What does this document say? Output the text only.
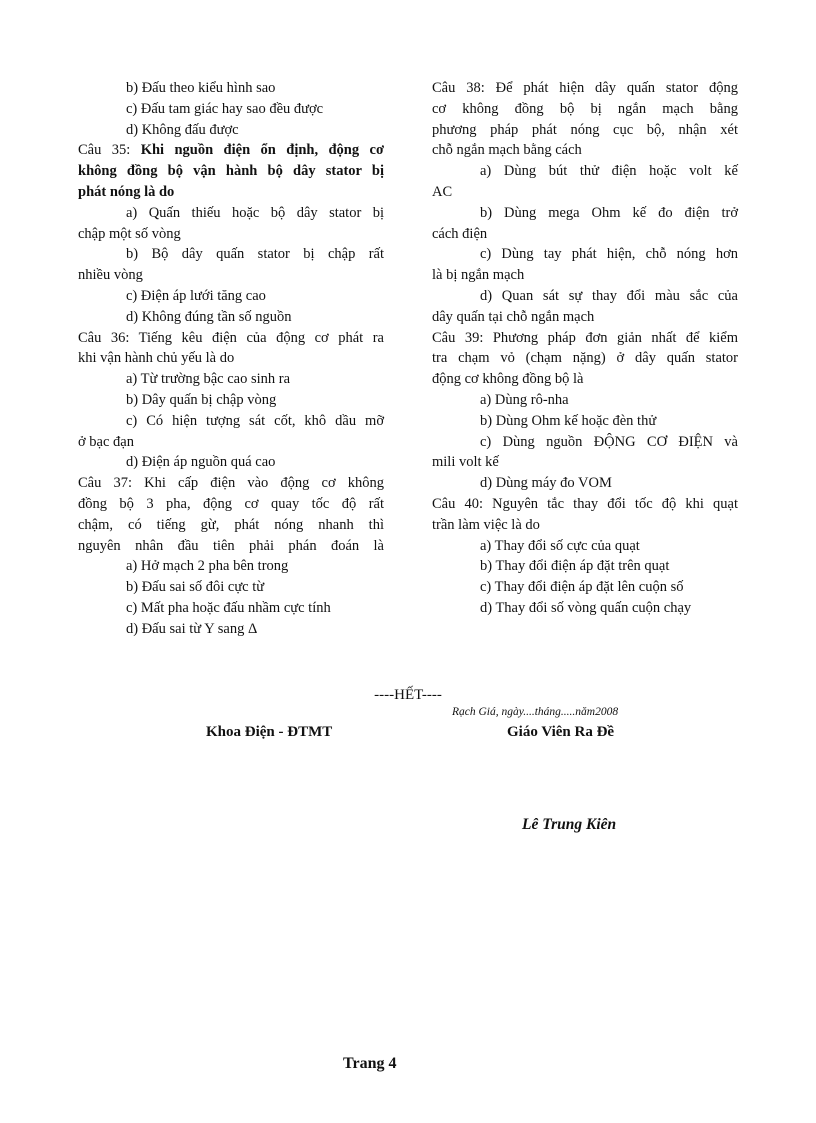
b) Đấu theo kiểu hình sao
c) Đấu tam giác hay sao đều được
d) Không đấu được
Câu 35: Khi nguồn điện ổn định, động cơ
không đồng bộ vận hành bộ dây stator bị
phát nóng là do
a) Quấn thiếu hoặc bộ dây stator bị
chập một số vòng
b) Bộ dây quấn stator bị chập rất
nhiều vòng
c) Điện áp lưới tăng cao
d) Không đúng tần số nguồn
Câu 36: Tiếng kêu điện của động cơ phát ra
khi vận hành chủ yếu là do
a) Từ trường bậc cao sinh ra
b) Dây quấn bị chập vòng
c) Có hiện tượng sát cốt, khô dầu mỡ
ở bạc đạn
d) Điện áp nguồn quá cao
Câu 37: Khi cấp điện vào động cơ không
đồng bộ 3 pha, động cơ quay tốc độ rất
chậm, có tiếng gừ, phát nóng nhanh thì
nguyên nhân đầu tiên phải phán đoán là
a) Hở mạch 2 pha bên trong
b) Đấu sai số đôi cực từ
c) Mất pha hoặc đấu nhầm cực tính
d) Đấu sai từ Y sang Δ
Câu 38: Để phát hiện dây quấn stator động
cơ không đồng bộ bị ngắn mạch bằng
phương pháp phát nóng cục bộ, nhận xét
chỗ ngắn mạch bằng cách
a) Dùng bút thử điện hoặc volt kế
AC
b) Dùng mega Ohm kế đo điện trở
cách điện
c) Dùng tay phát hiện, chỗ nóng hơn
là bị ngắn mạch
d) Quan sát sự thay đổi màu sắc của
dây quấn tại chỗ ngắn mạch
Câu 39: Phương pháp đơn giản nhất để kiểm
tra chạm vỏ (chạm nặng) ở dây quấn stator
động cơ không đồng bộ là
a) Dùng rô-nha
b) Dùng Ohm kế hoặc đèn thử
c) Dùng nguồn ĐỘNG CƠ ĐIỆN và
mili volt kế
d) Dùng máy đo VOM
Câu 40: Nguyên tắc thay đổi tốc độ khi quạt
trần làm việc là do
a) Thay đổi số cực của quạt
b) Thay đổi điện áp đặt trên quạt
c) Thay đổi điện áp đặt lên cuộn số
d) Thay đổi số vòng quấn cuộn chạy
----HẾT----
Rạch Giá, ngày....tháng.....năm2008
Khoa Điện - ĐTMT	Giáo Viên Ra Đề
Lê Trung Kiên
Trang 4
